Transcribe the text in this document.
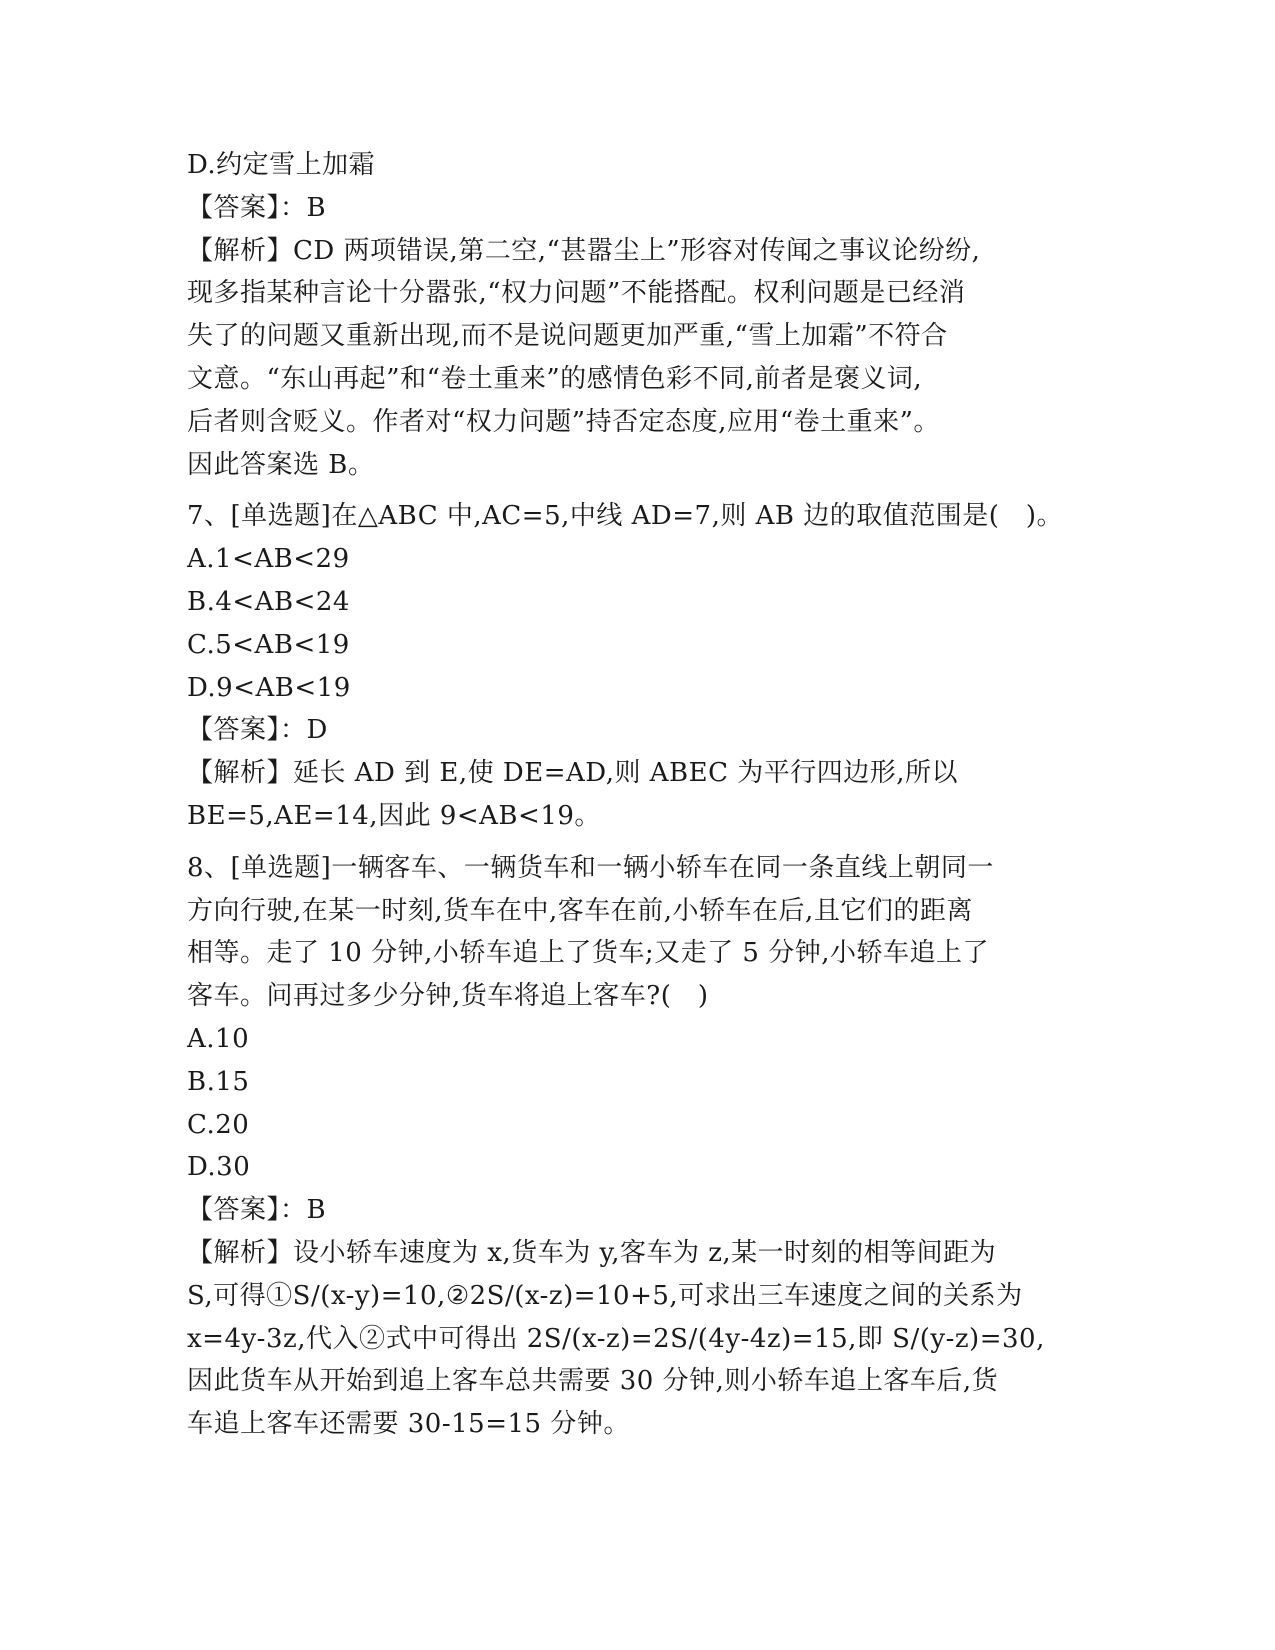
D.约定雪上加霜
【答案】：B
【解析】CD 两项错误,第二空,“甚嚣尘上”形容对传闻之事议论纷纷,
现多指某种言论十分嚣张,“权力问题”不能搭配。权利问题是已经消
失了的问题又重新出现,而不是说问题更加严重,“雪上加霜”不符合
文意。“东山再起”和“卷土重来”的感情色彩不同,前者是褒义词,
后者则含贬义。作者对“权力问题”持否定态度,应用“卷土重来”。
因此答案选 B。
7、[单选题]在△ABC 中,AC=5,中线 AD=7,则 AB 边的取值范围是(　)。
A.1<AB<29
B.4<AB<24
C.5<AB<19
D.9<AB<19
【答案】：D
【解析】延长 AD 到 E,使 DE=AD,则 ABEC 为平行四边形,所以
BE=5,AE=14,因此 9<AB<19。
8、[单选题]一辆客车、一辆货车和一辆小轿车在同一条直线上朝同一
方向行驶,在某一时刻,货车在中,客车在前,小轿车在后,且它们的距离
相等。走了 10 分钟,小轿车追上了货车;又走了 5 分钟,小轿车追上了
客车。问再过多少分钟,货车将追上客车?(　)
A.10
B.15
C.20
D.30
【答案】：B
【解析】设小轿车速度为 x,货车为 y,客车为 z,某一时刻的相等间距为
S,可得①S/(x-y)=10,②2S/(x-z)=10+5,可求出三车速度之间的关系为
x=4y-3z,代入②式中可得出 2S/(x-z)=2S/(4y-4z)=15,即 S/(y-z)=30,
因此货车从开始到追上客车总共需要 30 分钟,则小轿车追上客车后,货
车追上客车还需要 30-15=15 分钟。
